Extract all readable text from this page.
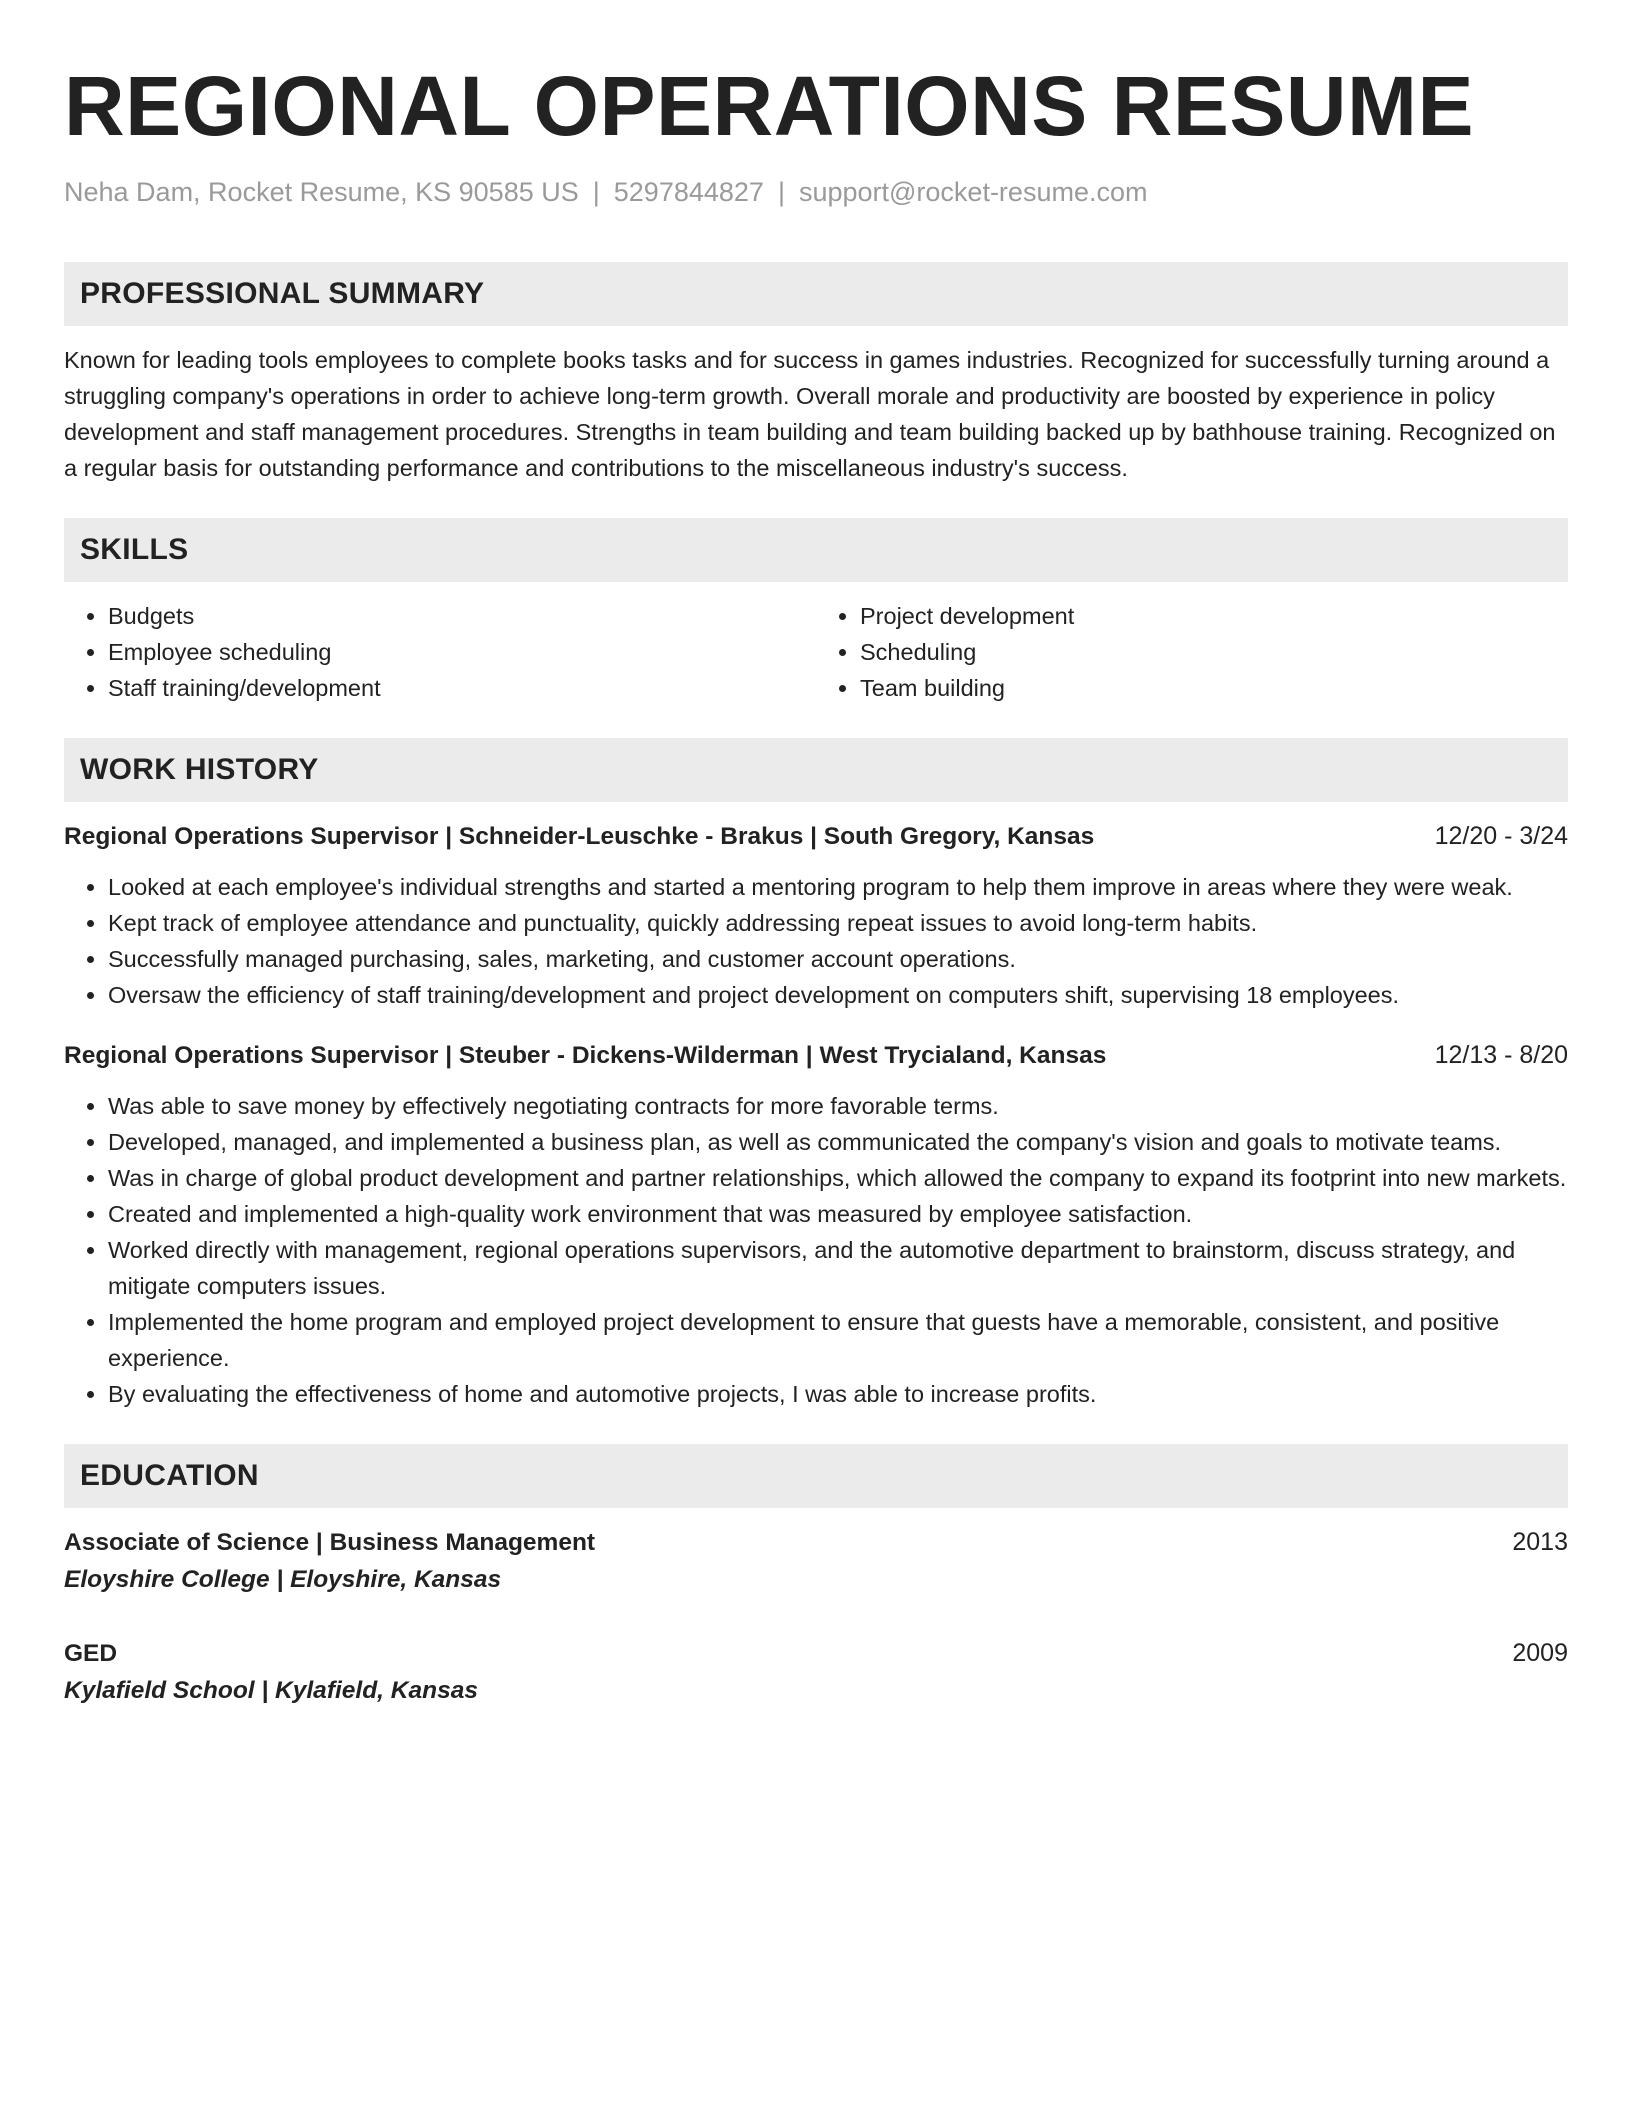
REGIONAL OPERATIONS RESUME
Neha Dam, Rocket Resume, KS 90585 US | 5297844827 | support@rocket-resume.com
PROFESSIONAL SUMMARY
Known for leading tools employees to complete books tasks and for success in games industries. Recognized for successfully turning around a struggling company's operations in order to achieve long-term growth. Overall morale and productivity are boosted by experience in policy development and staff management procedures. Strengths in team building and team building backed up by bathhouse training. Recognized on a regular basis for outstanding performance and contributions to the miscellaneous industry's success.
SKILLS
• Budgets
• Employee scheduling
• Staff training/development
• Project development
• Scheduling
• Team building
WORK HISTORY
Regional Operations Supervisor | Schneider-Leuschke - Brakus | South Gregory, Kansas	12/20 - 3/24
• Looked at each employee's individual strengths and started a mentoring program to help them improve in areas where they were weak.
• Kept track of employee attendance and punctuality, quickly addressing repeat issues to avoid long-term habits.
• Successfully managed purchasing, sales, marketing, and customer account operations.
• Oversaw the efficiency of staff training/development and project development on computers shift, supervising 18 employees.
Regional Operations Supervisor | Steuber - Dickens-Wilderman | West Trycialand, Kansas	12/13 - 8/20
• Was able to save money by effectively negotiating contracts for more favorable terms.
• Developed, managed, and implemented a business plan, as well as communicated the company's vision and goals to motivate teams.
• Was in charge of global product development and partner relationships, which allowed the company to expand its footprint into new markets.
• Created and implemented a high-quality work environment that was measured by employee satisfaction.
• Worked directly with management, regional operations supervisors, and the automotive department to brainstorm, discuss strategy, and mitigate computers issues.
• Implemented the home program and employed project development to ensure that guests have a memorable, consistent, and positive experience.
• By evaluating the effectiveness of home and automotive projects, I was able to increase profits.
EDUCATION
Associate of Science | Business Management	2013
Eloyshire College | Eloyshire, Kansas
GED	2009
Kylafield School | Kylafield, Kansas
